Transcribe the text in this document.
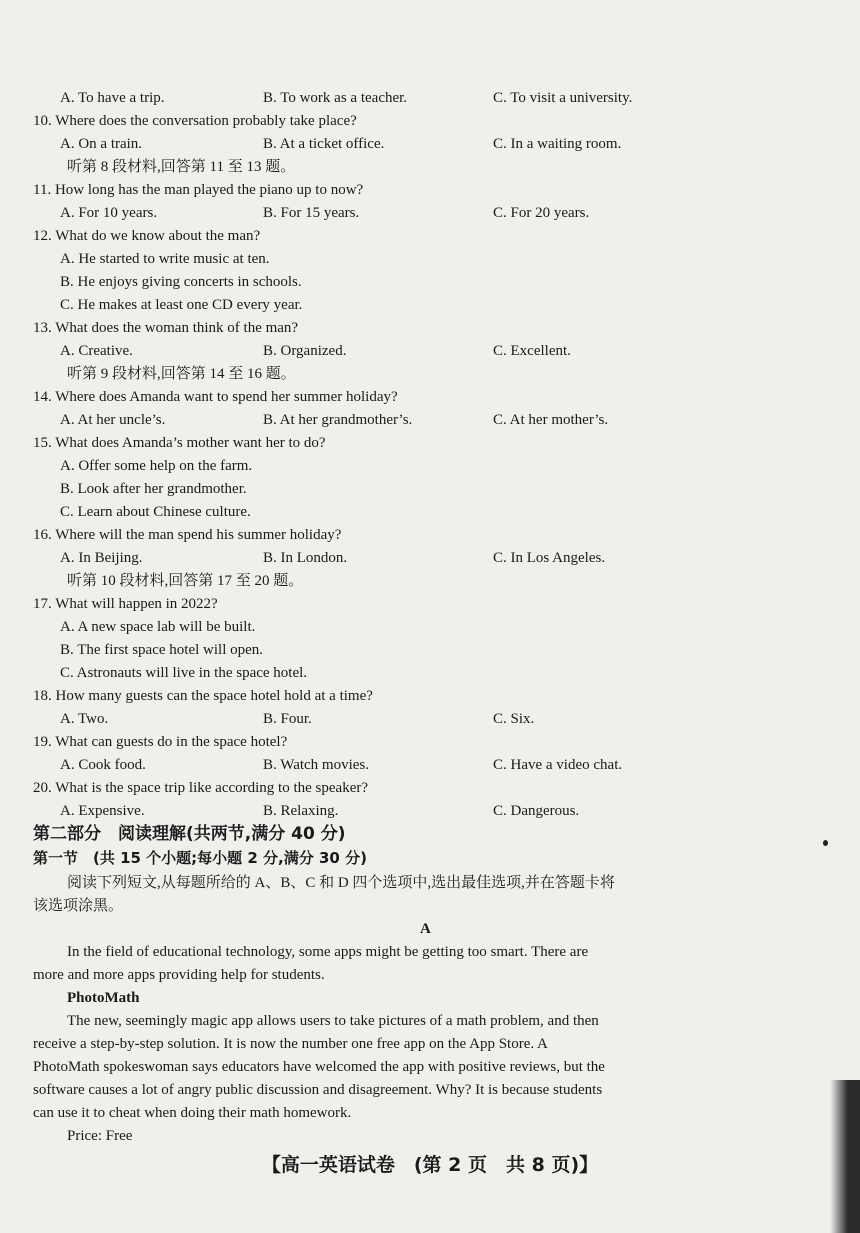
A. To have a trip.	B. To work as a teacher.	C. To visit a university.
10. Where does the conversation probably take place?
A. On a train.	B. At a ticket office.	C. In a waiting room.
听第 8 段材料,回答第 11 至 13 题。
11. How long has the man played the piano up to now?
A. For 10 years.	B. For 15 years.	C. For 20 years.
12. What do we know about the man?
A. He started to write music at ten.
B. He enjoys giving concerts in schools.
C. He makes at least one CD every year.
13. What does the woman think of the man?
A. Creative.	B. Organized.	C. Excellent.
听第 9 段材料,回答第 14 至 16 题。
14. Where does Amanda want to spend her summer holiday?
A. At her uncle’s.	B. At her grandmother’s.	C. At her mother’s.
15. What does Amanda’s mother want her to do?
A. Offer some help on the farm.
B. Look after her grandmother.
C. Learn about Chinese culture.
16. Where will the man spend his summer holiday?
A. In Beijing.	B. In London.	C. In Los Angeles.
听第 10 段材料,回答第 17 至 20 题。
17. What will happen in 2022?
A. A new space lab will be built.
B. The first space hotel will open.
C. Astronauts will live in the space hotel.
18. How many guests can the space hotel hold at a time?
A. Two.	B. Four.	C. Six.
19. What can guests do in the space hotel?
A. Cook food.	B. Watch movies.	C. Have a video chat.
20. What is the space trip like according to the speaker?
A. Expensive.	B. Relaxing.	C. Dangerous.
第二部分　阅读理解(共两节,满分 40 分)
第一节　(共 15 个小题;每小题 2 分,满分 30 分)
阅读下列短文,从每题所给的 A、B、C 和 D 四个选项中,选出最佳选项,并在答题卡将
该选项涂黑。
A
In the field of educational technology, some apps might be getting too smart. There are
more and more apps providing help for students.
PhotoMath
The new, seemingly magic app allows users to take pictures of a math problem, and then
receive a step-by-step solution. It is now the number one free app on the App Store. A
PhotoMath spokeswoman says educators have welcomed the app with positive reviews, but the
software causes a lot of angry public discussion and disagreement. Why? It is because students
can use it to cheat when doing their math homework.
Price: Free
【高一英语试卷　(第 2 页　共 8 页)】
